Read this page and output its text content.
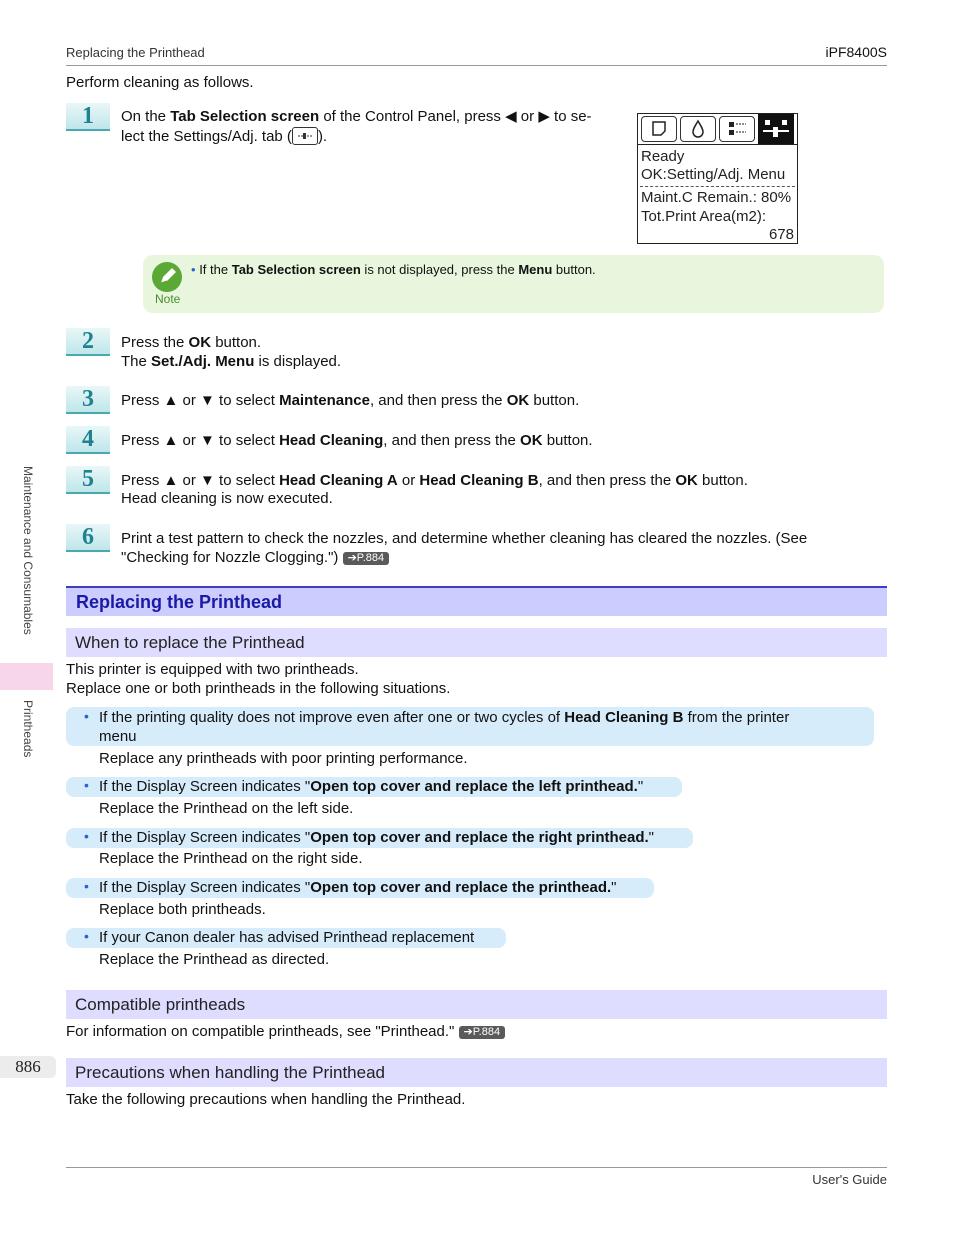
Replacing the Printhead	iPF8400S
Perform cleaning as follows.
1	On the Tab Selection screen of the Control Panel, press ◀ or ▶ to se-
lect the Settings/Adj. tab ( ).
Ready
OK:Setting/Adj. Menu
Maint.C Remain.: 80%
Tot.Print Area(m2):
678
Note
• If the Tab Selection screen is not displayed, press the Menu button.
2	Press the OK button.
The Set./Adj. Menu is displayed.
3	Press ▲ or ▼ to select Maintenance, and then press the OK button.
4	Press ▲ or ▼ to select Head Cleaning, and then press the OK button.
5	Press ▲ or ▼ to select Head Cleaning A or Head Cleaning B, and then press the OK button.
Head cleaning is now executed.
6	Print a test pattern to check the nozzles, and determine whether cleaning has cleared the nozzles. (See
"Checking for Nozzle Clogging.") ➔P.884
Replacing the Printhead
When to replace the Printhead
This printer is equipped with two printheads.
Replace one or both printheads in the following situations.
• If the printing quality does not improve even after one or two cycles of Head Cleaning B from the printer
menu
Replace any printheads with poor printing performance.
• If the Display Screen indicates "Open top cover and replace the left printhead."
Replace the Printhead on the left side.
• If the Display Screen indicates "Open top cover and replace the right printhead."
Replace the Printhead on the right side.
• If the Display Screen indicates "Open top cover and replace the printhead."
Replace both printheads.
• If your Canon dealer has advised Printhead replacement
Replace the Printhead as directed.
Compatible printheads
For information on compatible printheads, see "Printhead." ➔P.884
Precautions when handling the Printhead
Take the following precautions when handling the Printhead.
Maintenance and Consumables
Printheads
886
User's Guide
